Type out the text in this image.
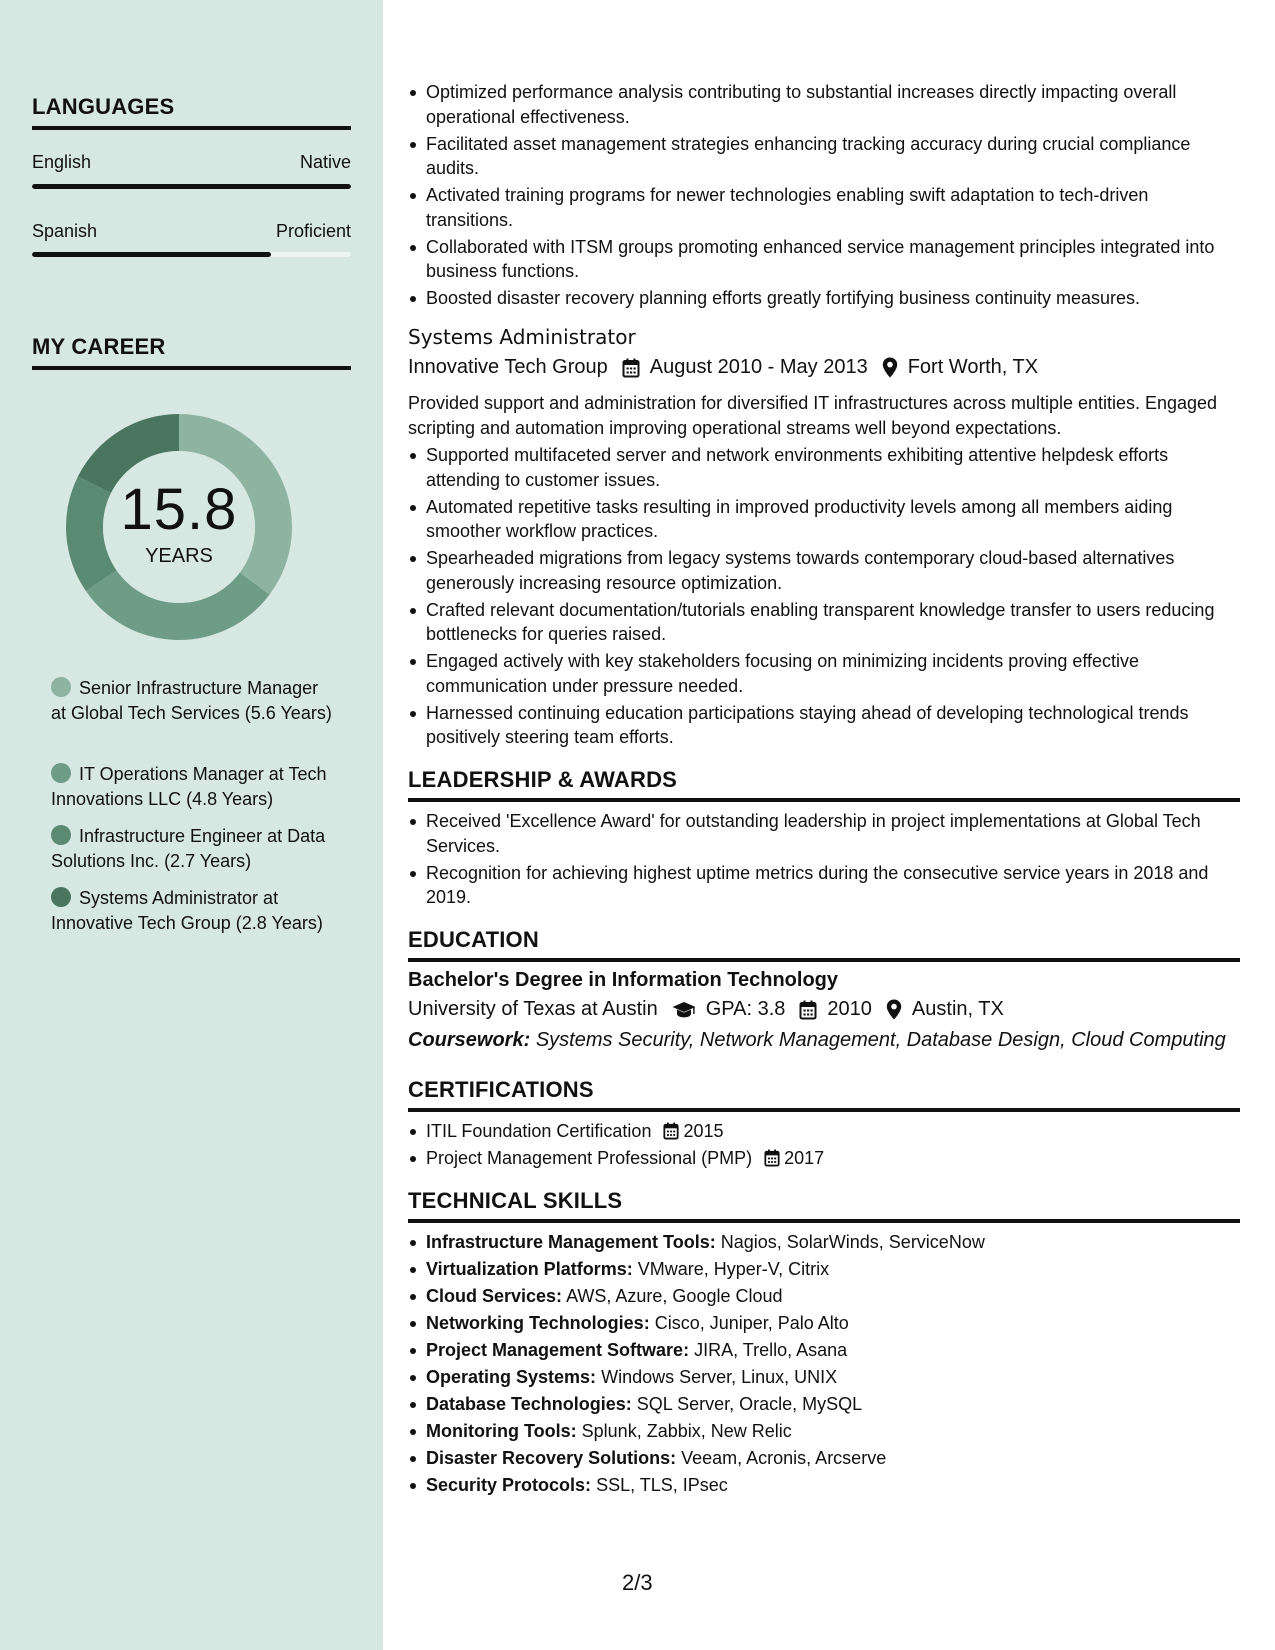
LANGUAGES
English	Native
Spanish	Proficient
MY CAREER
15.8
YEARS
Senior Infrastructure Manager at Global Tech Services (5.6 Years)
IT Operations Manager at Tech Innovations LLC (4.8 Years)
Infrastructure Engineer at Data Solutions Inc. (2.7 Years)
Systems Administrator at Innovative Tech Group (2.8 Years)
Optimized performance analysis contributing to substantial increases directly impacting overall operational effectiveness.
Facilitated asset management strategies enhancing tracking accuracy during crucial compliance audits.
Activated training programs for newer technologies enabling swift adaptation to tech-driven transitions.
Collaborated with ITSM groups promoting enhanced service management principles integrated into business functions.
Boosted disaster recovery planning efforts greatly fortifying business continuity measures.
Systems Administrator
Innovative Tech Group August 2010 - May 2013 Fort Worth, TX
Provided support and administration for diversified IT infrastructures across multiple entities. Engaged scripting and automation improving operational streams well beyond expectations.
Supported multifaceted server and network environments exhibiting attentive helpdesk efforts attending to customer issues.
Automated repetitive tasks resulting in improved productivity levels among all members aiding smoother workflow practices.
Spearheaded migrations from legacy systems towards contemporary cloud-based alternatives generously increasing resource optimization.
Crafted relevant documentation/tutorials enabling transparent knowledge transfer to users reducing bottlenecks for queries raised.
Engaged actively with key stakeholders focusing on minimizing incidents proving effective communication under pressure needed.
Harnessed continuing education participations staying ahead of developing technological trends positively steering team efforts.
LEADERSHIP & AWARDS
Received 'Excellence Award' for outstanding leadership in project implementations at Global Tech Services.
Recognition for achieving highest uptime metrics during the consecutive service years in 2018 and 2019.
EDUCATION
Bachelor's Degree in Information Technology
University of Texas at Austin GPA: 3.8 2010 Austin, TX
Coursework: Systems Security, Network Management, Database Design, Cloud Computing
CERTIFICATIONS
ITIL Foundation Certification 2015
Project Management Professional (PMP) 2017
TECHNICAL SKILLS
Infrastructure Management Tools: Nagios, SolarWinds, ServiceNow
Virtualization Platforms: VMware, Hyper-V, Citrix
Cloud Services: AWS, Azure, Google Cloud
Networking Technologies: Cisco, Juniper, Palo Alto
Project Management Software: JIRA, Trello, Asana
Operating Systems: Windows Server, Linux, UNIX
Database Technologies: SQL Server, Oracle, MySQL
Monitoring Tools: Splunk, Zabbix, New Relic
Disaster Recovery Solutions: Veeam, Acronis, Arcserve
Security Protocols: SSL, TLS, IPsec
2/3
